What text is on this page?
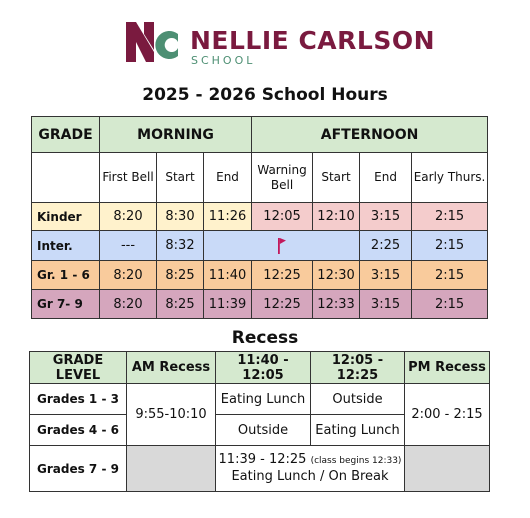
NELLIE CARLSON
SCHOOL
2025 - 2026 School Hours
GRADE	MORNING			AFTERNOON			
	First Bell	Start	End	Warning Bell	Start	End	Early Thurs.
Kinder	8:20	8:30	11:26	12:05	12:10	3:15	2:15
Inter.	---	8:32				2:25	2:15
Gr. 1 - 6	8:20	8:25	11:40	12:25	12:30	3:15	2:15
Gr 7- 9	8:20	8:25	11:39	12:25	12:33	3:15	2:15
Recess
GRADE LEVEL	AM Recess	11:40 - 12:05	12:05 - 12:25	PM Recess
Grades 1 - 3	9:55-10:10	Eating Lunch	Outside	2:00 - 2:15
Grades 4 - 6		Outside	Eating Lunch	
Grades 7 - 9		11:39 - 12:25 (class begins 12:33)
Eating Lunch / On Break		
